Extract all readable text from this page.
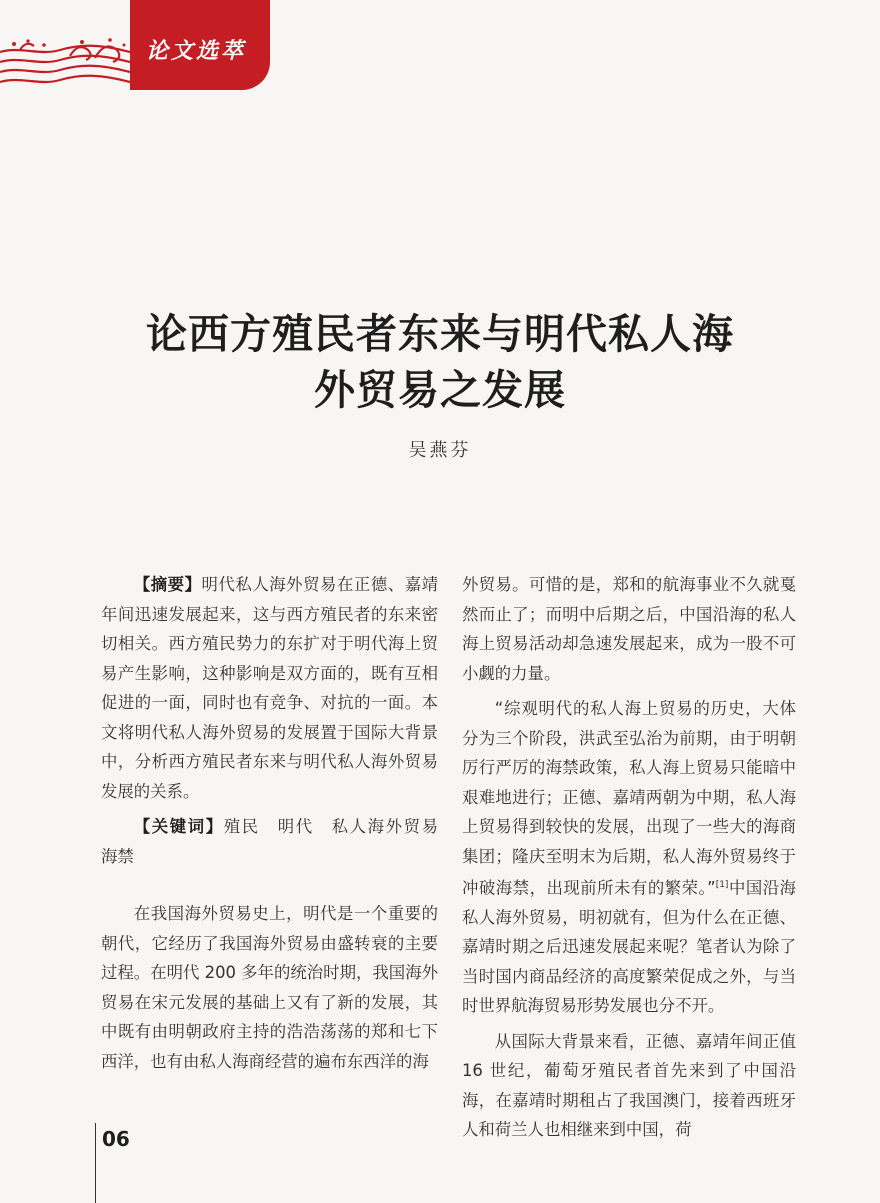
论文选萃
论西方殖民者东来与明代私人海
外贸易之发展
吴燕芬

【摘要】明代私人海外贸易在正德、嘉靖年间迅速发展起来，这与西方殖民者的东来密切相关。西方殖民势力的东扩对于明代海上贸易产生影响，这种影响是双方面的，既有互相促进的一面，同时也有竞争、对抗的一面。本文将明代私人海外贸易的发展置于国际大背景中，分析西方殖民者东来与明代私人海外贸易发展的关系。

【关键词】殖民　明代　私人海外贸易　海禁

在我国海外贸易史上，明代是一个重要的朝代，它经历了我国海外贸易由盛转衰的主要过程。在明代 200 多年的统治时期，我国海外贸易在宋元发展的基础上又有了新的发展，其中既有由明朝政府主持的浩浩荡荡的郑和七下西洋，也有由私人海商经营的遍布东西洋的海

外贸易。可惜的是，郑和的航海事业不久就戛然而止了；而明中后期之后，中国沿海的私人海上贸易活动却急速发展起来，成为一股不可小觑的力量。

“综观明代的私人海上贸易的历史，大体分为三个阶段，洪武至弘治为前期，由于明朝厉行严厉的海禁政策，私人海上贸易只能暗中艰难地进行；正德、嘉靖两朝为中期，私人海上贸易得到较快的发展，出现了一些大的海商集团；隆庆至明末为后期，私人海外贸易终于冲破海禁，出现前所未有的繁荣。”[1]中国沿海私人海外贸易，明初就有，但为什么在正德、嘉靖时期之后迅速发展起来呢？笔者认为除了当时国内商品经济的高度繁荣促成之外，与当时世界航海贸易形势发展也分不开。

从国际大背景来看，正德、嘉靖年间正值 16 世纪，葡萄牙殖民者首先来到了中国沿海，在嘉靖时期租占了我国澳门，接着西班牙人和荷兰人也相继来到中国，荷

06
